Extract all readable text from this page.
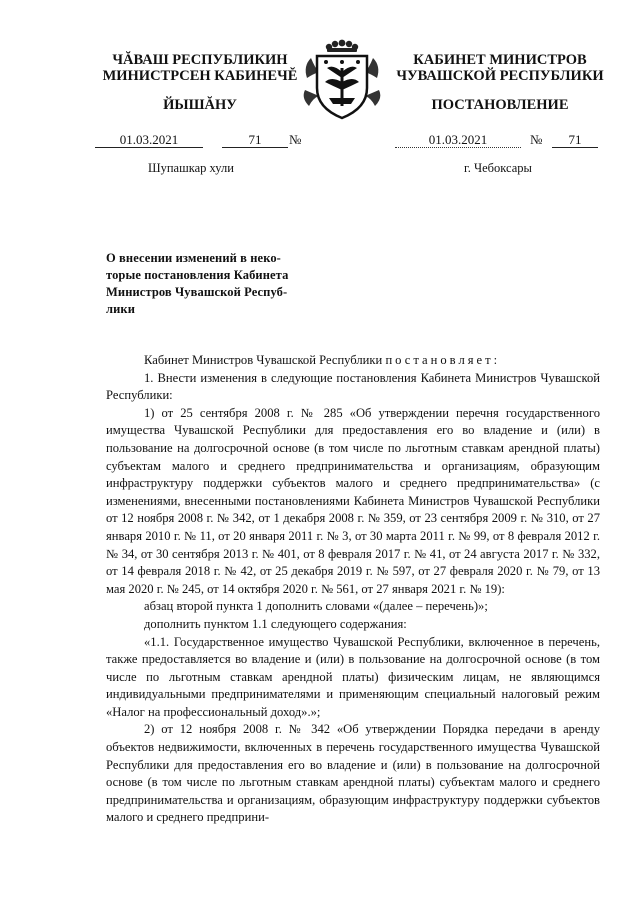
ЧĂВАШ РЕСПУБЛИКИН
МИНИСТРСЕН КАБИНЕЧĔ
ЙЫШĂНУ
КАБИНЕТ МИНИСТРОВ
ЧУВАШСКОЙ РЕСПУБЛИКИ
ПОСТАНОВЛЕНИЕ
01.03.2021	71	№	01.03.2021	№	71
Шупашкар хули	г. Чебоксары
О внесении изменений в неко-
торые постановления Кабинета
Министров Чувашской Респуб-
лики

Кабинет Министров Чувашской Республики постановляет:

1. Внести изменения в следующие постановления Кабинета Министров Чувашской Республики:

1) от 25 сентября 2008 г. № 285 «Об утверждении перечня государственного имущества Чувашской Республики для предоставления его во владение и (или) в пользование на долгосрочной основе (в том числе по льготным ставкам арендной платы) субъектам малого и среднего предпринимательства и организациям, образующим инфраструктуру поддержки субъектов малого и среднего предпринимательства» (с изменениями, внесенными постановлениями Кабинета Министров Чувашской Республики от 12 ноября 2008 г. № 342, от 1 декабря 2008 г. № 359, от 23 сентября 2009 г. № 310, от 27 января 2010 г. № 11, от 20 января 2011 г. № 3, от 30 марта 2011 г. № 99, от 8 февраля 2012 г. № 34, от 30 сентября 2013 г. № 401, от 8 февраля 2017 г. № 41, от 24 августа 2017 г. № 332, от 14 февраля 2018 г. № 42, от 25 декабря 2019 г. № 597, от 27 февраля 2020 г. № 79, от 13 мая 2020 г. № 245, от 14 октября 2020 г. № 561, от 27 января 2021 г. № 19):

абзац второй пункта 1 дополнить словами «(далее – перечень)»;

дополнить пунктом 1.1 следующего содержания:

«1.1. Государственное имущество Чувашской Республики, включенное в перечень, также предоставляется во владение и (или) в пользование на долгосрочной основе (в том числе по льготным ставкам арендной платы) физическим лицам, не являющимся индивидуальными предпринимателями и применяющим специальный налоговый режим «Налог на профессиональный доход».»;

2) от 12 ноября 2008 г. № 342 «Об утверждении Порядка передачи в аренду объектов недвижимости, включенных в перечень государственного имущества Чувашской Республики для предоставления его во владение и (или) в пользование на долгосрочной основе (в том числе по льготным ставкам арендной платы) субъектам малого и среднего предпринимательства и организациям, образующим инфраструктуру поддержки субъектов малого и среднего предприни-
